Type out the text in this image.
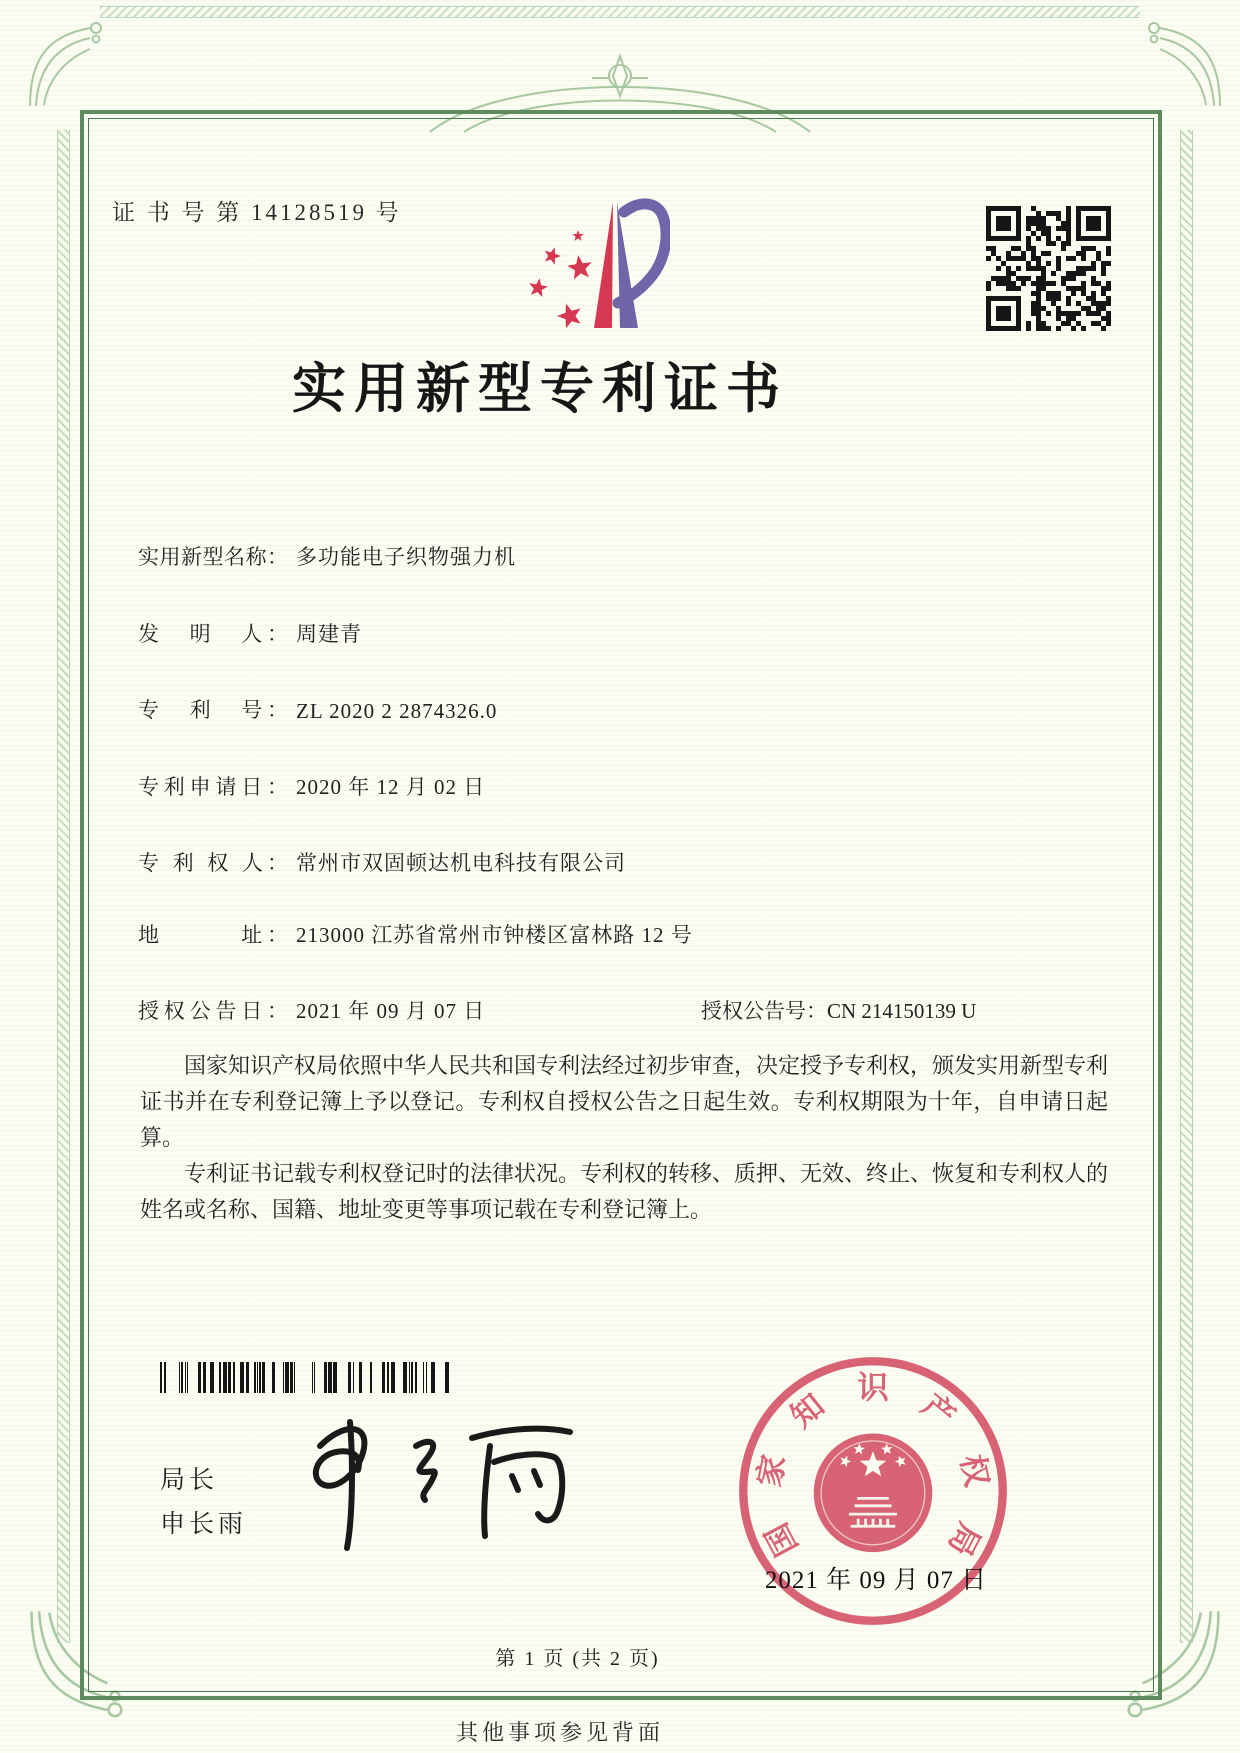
证 书 号 第 14128519 号
实用新型专利证书
实用新型名称： 多功能电子织物强力机
发　明　人： 周建青
专　利　号： ZL 2020 2 2874326.0
专利申请日： 2020 年 12 月 02 日
专 利 权 人： 常州市双固顿达机电科技有限公司
地　　　址： 213000 江苏省常州市钟楼区富林路 12 号
授权公告日： 2021 年 09 月 07 日	授权公告号：CN 214150139 U

国家知识产权局依照中华人民共和国专利法经过初步审查，决定授予专利权，颁发实用新型专利证书并在专利登记簿上予以登记。专利权自授权公告之日起生效。专利权期限为十年，自申请日起算。

专利证书记载专利权登记时的法律状况。专利权的转移、质押、无效、终止、恢复和专利权人的姓名或名称、国籍、地址变更等事项记载在专利登记簿上。

局长
申长雨	国
家
知 识 产
权
局
2021 年 09 月 07 日
第 1 页 (共 2 页)
其他事项参见背面
